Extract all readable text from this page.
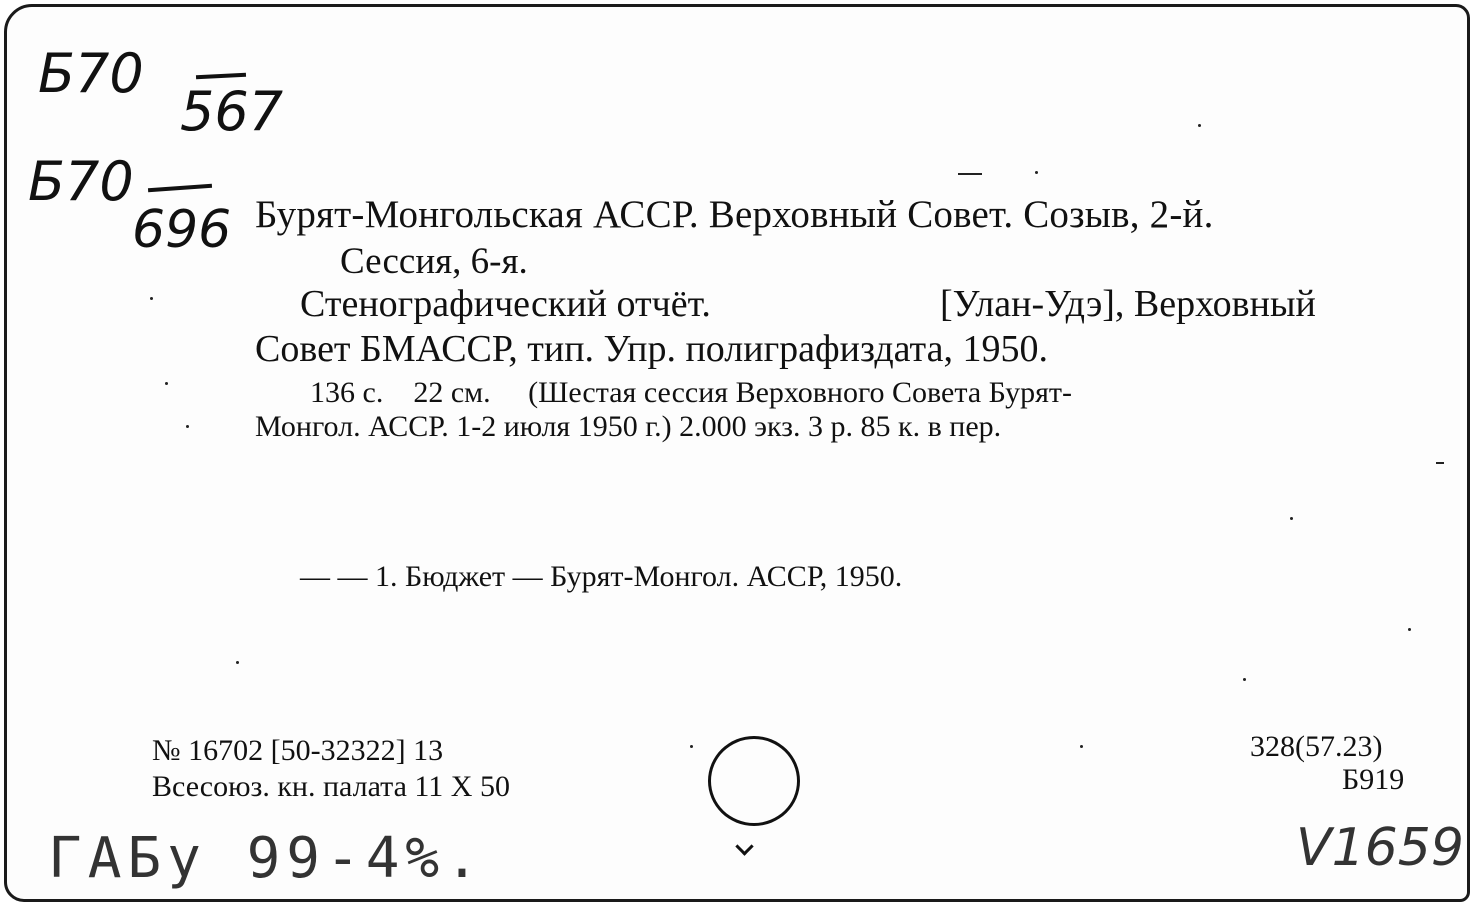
Б70
567
Б70
696 Бурят-Монгольская АССР. Верховный Совет. Созыв, 2-й.
Сессия, 6-я.
Стенографический отчёт.	[Улан-Удэ], Верховный
Совет БМАССР, тип. Упр. полиграфиздата, 1950.
136 с.    22 см.     (Шестая сессия Верховного Совета Бурят-
Монгол. АССР. 1-2 июля 1950 г.) 2.000 экз. 3 р. 85 к. в пер.
— — 1. Бюджет — Бурят-Монгол. АССР, 1950.
№ 16702 [50-32322] 13
Всесоюз. кн. палата 11 X 50
328(57.23)
Б919
ГАБу 99-4%.	V1659
